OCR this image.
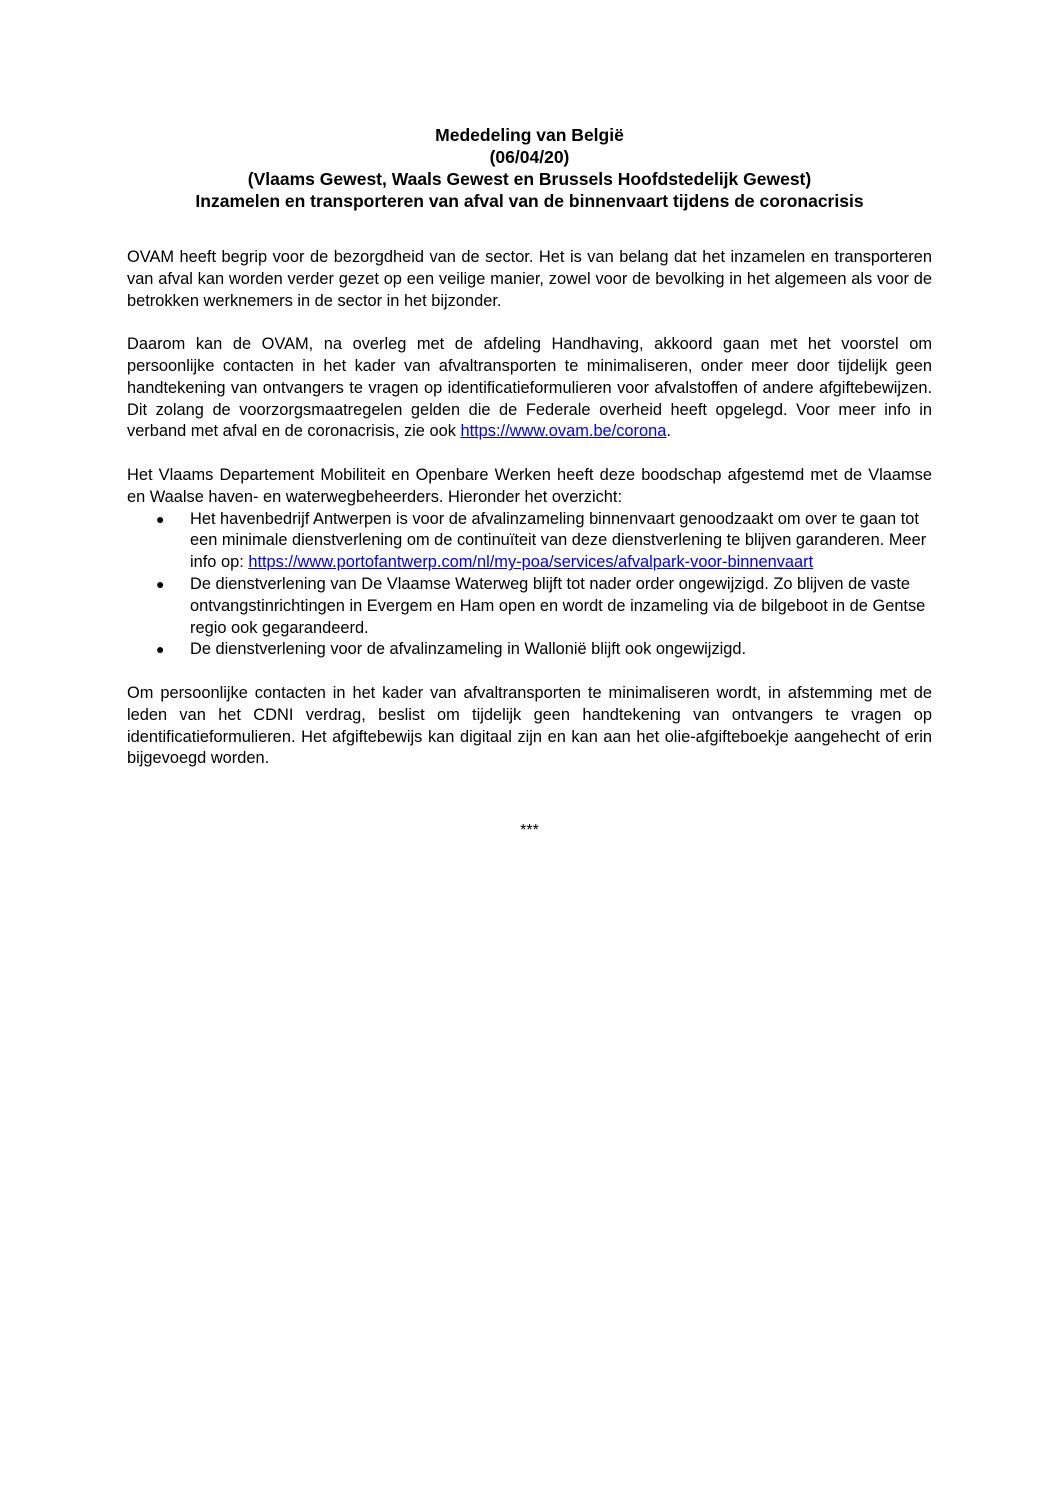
Mededeling van België
(06/04/20)
(Vlaams Gewest, Waals Gewest en Brussels Hoofdstedelijk Gewest)
Inzamelen en transporteren van afval van de binnenvaart tijdens de coronacrisis

OVAM heeft begrip voor de bezorgdheid van de sector. Het is van belang dat het inzamelen en transporteren van afval kan worden verder gezet op een veilige manier, zowel voor de bevolking in het algemeen als voor de betrokken werknemers in de sector in het bijzonder.

Daarom kan de OVAM, na overleg met de afdeling Handhaving, akkoord gaan met het voorstel om persoonlijke contacten in het kader van afvaltransporten te minimaliseren, onder meer door tijdelijk geen handtekening van ontvangers te vragen op identificatieformulieren voor afvalstoffen of andere afgiftebewijzen. Dit zolang de voorzorgsmaatregelen gelden die de Federale overheid heeft opgelegd. Voor meer info in verband met afval en de coronacrisis, zie ook https://www.ovam.be/corona.

Het Vlaams Departement Mobiliteit en Openbare Werken heeft deze boodschap afgestemd met de Vlaamse en Waalse haven- en waterwegbeheerders. Hieronder het overzicht:

● Het havenbedrijf Antwerpen is voor de afvalinzameling binnenvaart genoodzaakt om over te gaan tot een minimale dienstverlening om de continuïteit van deze dienstverlening te blijven garanderen. Meer info op: https://www.portofantwerp.com/nl/my-poa/services/afvalpark-voor-binnenvaart
● De dienstverlening van De Vlaamse Waterweg blijft tot nader order ongewijzigd. Zo blijven de vaste ontvangstinrichtingen in Evergem en Ham open en wordt de inzameling via de bilgeboot in de Gentse regio ook gegarandeerd.
● De dienstverlening voor de afvalinzameling in Wallonië blijft ook ongewijzigd.

Om persoonlijke contacten in het kader van afvaltransporten te minimaliseren wordt, in afstemming met de leden van het CDNI verdrag, beslist om tijdelijk geen handtekening van ontvangers te vragen op identificatieformulieren. Het afgiftebewijs kan digitaal zijn en kan aan het olie-afgifteboekje aangehecht of erin bijgevoegd worden.

***
